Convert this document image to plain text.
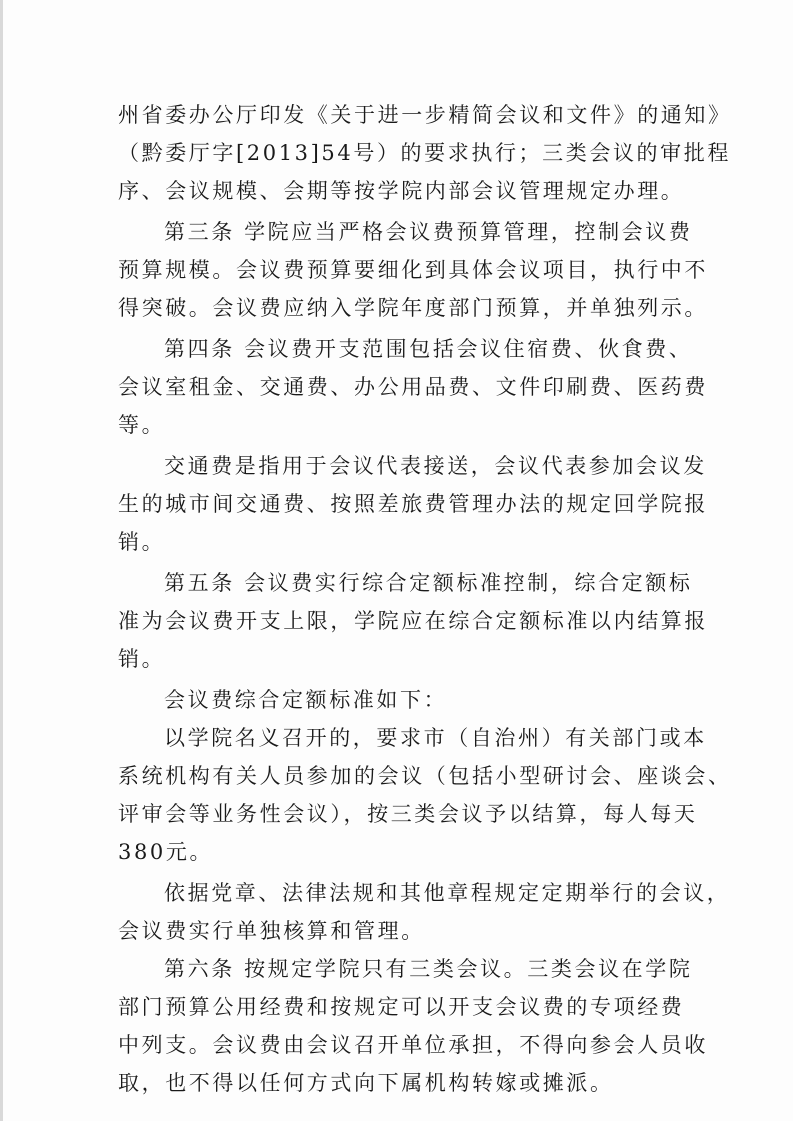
州省委办公厅印发《关于进一步精简会议和文件》的通知》
（黔委厅字[2013]54号）的要求执行；三类会议的审批程
序、会议规模、会期等按学院内部会议管理规定办理。
第三条 学院应当严格会议费预算管理，控制会议费
预算规模。会议费预算要细化到具体会议项目，执行中不
得突破。会议费应纳入学院年度部门预算，并单独列示。
第四条 会议费开支范围包括会议住宿费、伙食费、
会议室租金、交通费、办公用品费、文件印刷费、医药费
等。
交通费是指用于会议代表接送，会议代表参加会议发
生的城市间交通费、按照差旅费管理办法的规定回学院报
销。
第五条 会议费实行综合定额标准控制，综合定额标
准为会议费开支上限，学院应在综合定额标准以内结算报
销。
会议费综合定额标准如下：
以学院名义召开的，要求市（自治州）有关部门或本
系统机构有关人员参加的会议（包括小型研讨会、座谈会、
评审会等业务性会议），按三类会议予以结算，每人每天
380元。
依据党章、法律法规和其他章程规定定期举行的会议，
会议费实行单独核算和管理。
第六条 按规定学院只有三类会议。三类会议在学院
部门预算公用经费和按规定可以开支会议费的专项经费
中列支。会议费由会议召开单位承担，不得向参会人员收
取，也不得以任何方式向下属机构转嫁或摊派。
